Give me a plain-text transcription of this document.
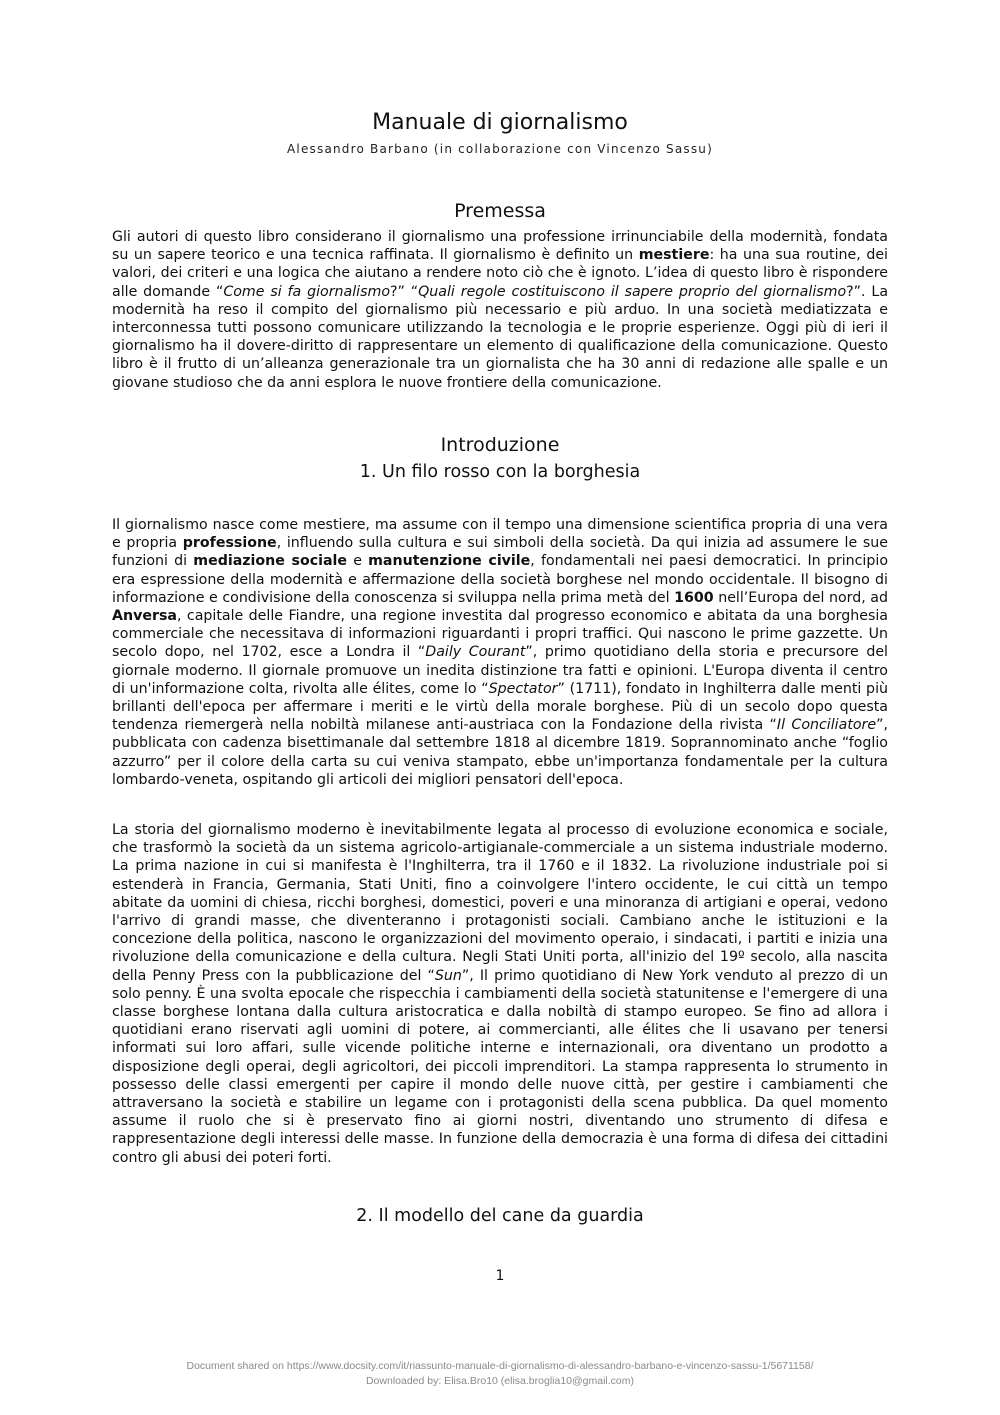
Manuale di giornalismo

Alessandro Barbano (in collaborazione con Vincenzo Sassu)

Premessa

Gli autori di questo libro considerano il giornalismo una professione irrinunciabile della modernità, fondata su un sapere teorico e una tecnica raffinata. Il giornalismo è definito un mestiere: ha una sua routine, dei valori, dei criteri e una logica che aiutano a rendere noto ciò che è ignoto. L’idea di questo libro è rispondere alle domande “Come si fa giornalismo?” “Quali regole costituiscono il sapere proprio del giornalismo?”. La modernità ha reso il compito del giornalismo più necessario e più arduo. In una società mediatizzata e interconnessa tutti possono comunicare utilizzando la tecnologia e le proprie esperienze. Oggi più di ieri il giornalismo ha il dovere-diritto di rappresentare un elemento di qualificazione della comunicazione. Questo libro è il frutto di un’alleanza generazionale tra un giornalista che ha 30 anni di redazione alle spalle e un giovane studioso che da anni esplora le nuove frontiere della comunicazione.

Introduzione
1. Un filo rosso con la borghesia

Il giornalismo nasce come mestiere, ma assume con il tempo una dimensione scientifica propria di una vera e propria professione, influendo sulla cultura e sui simboli della società. Da qui inizia ad assumere le sue funzioni di mediazione sociale e manutenzione civile, fondamentali nei paesi democratici. In principio era espressione della modernità e affermazione della società borghese nel mondo occidentale. Il bisogno di informazione e condivisione della conoscenza si sviluppa nella prima metà del 1600 nell’Europa del nord, ad Anversa, capitale delle Fiandre, una regione investita dal progresso economico e abitata da una borghesia commerciale che necessitava di informazioni riguardanti i propri traffici. Qui nascono le prime gazzette. Un secolo dopo, nel 1702, esce a Londra il “Daily Courant”, primo quotidiano della storia e precursore del giornale moderno. Il giornale promuove un inedita distinzione tra fatti e opinioni. L'Europa diventa il centro di un'informazione colta, rivolta alle élites, come lo “Spectator” (1711), fondato in Inghilterra dalle menti più brillanti dell'epoca per affermare i meriti e le virtù della morale borghese. Più di un secolo dopo questa tendenza riemergerà nella nobiltà milanese anti-austriaca con la Fondazione della rivista “Il Conciliatore”, pubblicata con cadenza bisettimanale dal settembre 1818 al dicembre 1819. Soprannominato anche “foglio azzurro” per il colore della carta su cui veniva stampato, ebbe un'importanza fondamentale per la cultura lombardo-veneta, ospitando gli articoli dei migliori pensatori dell'epoca.

La storia del giornalismo moderno è inevitabilmente legata al processo di evoluzione economica e sociale, che trasformò la società da un sistema agricolo-artigianale-commerciale a un sistema industriale moderno. La prima nazione in cui si manifesta è l'Inghilterra, tra il 1760 e il 1832. La rivoluzione industriale poi si estenderà in Francia, Germania, Stati Uniti, fino a coinvolgere l'intero occidente, le cui città un tempo abitate da uomini di chiesa, ricchi borghesi, domestici, poveri e una minoranza di artigiani e operai, vedono l'arrivo di grandi masse, che diventeranno i protagonisti sociali. Cambiano anche le istituzioni e la concezione della politica, nascono le organizzazioni del movimento operaio, i sindacati, i partiti e inizia una rivoluzione della comunicazione e della cultura. Negli Stati Uniti porta, all'inizio del 19º secolo, alla nascita della Penny Press con la pubblicazione del “Sun”, Il primo quotidiano di New York venduto al prezzo di un solo penny. È una svolta epocale che rispecchia i cambiamenti della società statunitense e l'emergere di una classe borghese lontana dalla cultura aristocratica e dalla nobiltà di stampo europeo. Se fino ad allora i quotidiani erano riservati agli uomini di potere, ai commercianti, alle élites che li usavano per tenersi informati sui loro affari, sulle vicende politiche interne e internazionali, ora diventano un prodotto a disposizione degli operai, degli agricoltori, dei piccoli imprenditori. La stampa rappresenta lo strumento in possesso delle classi emergenti per capire il mondo delle nuove città, per gestire i cambiamenti che attraversano la società e stabilire un legame con i protagonisti della scena pubblica. Da quel momento assume il ruolo che si è preservato fino ai giorni nostri, diventando uno strumento di difesa e rappresentazione degli interessi delle masse. In funzione della democrazia è una forma di difesa dei cittadini contro gli abusi dei poteri forti.

2. Il modello del cane da guardia
1
Document shared on https://www.docsity.com/it/riassunto-manuale-di-giornalismo-di-alessandro-barbano-e-vincenzo-sassu-1/5671158/
Downloaded by: Elisa.Bro10 (elisa.broglia10@gmail.com)
